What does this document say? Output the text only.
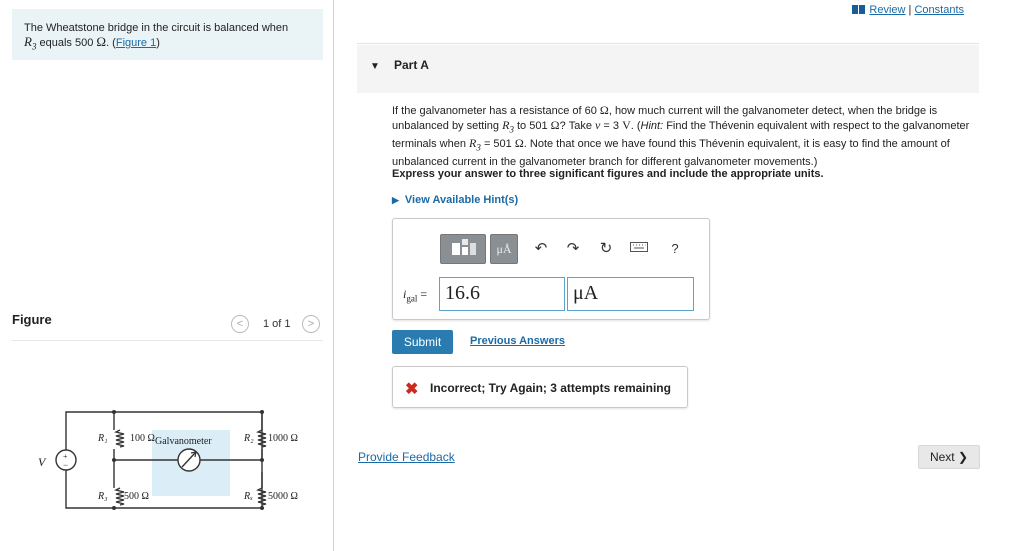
The Wheatstone bridge in the circuit is balanced when
$R_3$ equals 500 Ω. (Figure 1)
Figure	<	1 of 1	>
R₁ 100 Ω Galvanometer	R₂ 1000 Ω
R₃ 500 Ω	Rₓ 5000 Ω
V +
−
Review | Constants
▼ Part A
If the galvanometer has a resistance of 60 Ω, how much current will the galvanometer detect, when the bridge is unbalanced by setting $R_3$ to 501 Ω? Take v = 3 V. (Hint: Find the Thévenin equivalent with respect to the galvanometer terminals when $R_3 = 501$ Ω. Note that once we have found this Thévenin equivalent, it is easy to find the amount of unbalanced current in the galvanometer branch for different galvanometer movements.)
Express your answer to three significant figures and include the appropriate units.
▶ View Available Hint(s)
μÅ	↶ ↷ ↻	?
$i_{gal} = 16.6$	μA
Submit	Previous Answers
✖ Incorrect; Try Again; 3 attempts remaining
Provide Feedback	Next ❯
